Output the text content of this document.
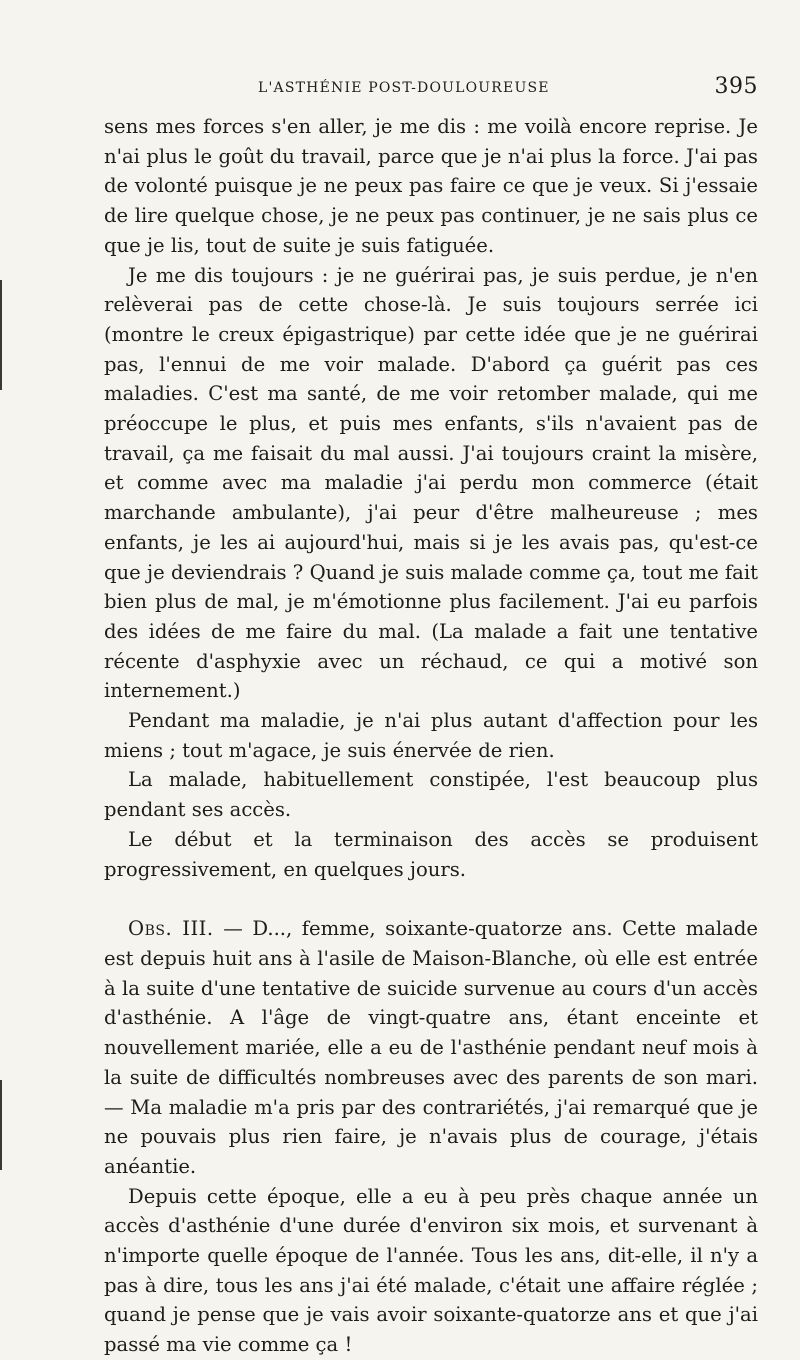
L'ASTHÉNIE POST-DOULOUREUSE	395

sens mes forces s'en aller, je me dis : me voilà encore reprise. Je n'ai plus le goût du travail, parce que je n'ai plus la force. J'ai pas de volonté puisque je ne peux pas faire ce que je veux. Si j'essaie de lire quelque chose, je ne peux pas continuer, je ne sais plus ce que je lis, tout de suite je suis fatiguée.

Je me dis toujours : je ne guérirai pas, je suis perdue, je n'en relèverai pas de cette chose-là. Je suis toujours serrée ici (montre le creux épigastrique) par cette idée que je ne guérirai pas, l'ennui de me voir malade. D'abord ça guérit pas ces maladies. C'est ma santé, de me voir retomber malade, qui me préoccupe le plus, et puis mes enfants, s'ils n'avaient pas de travail, ça me faisait du mal aussi. J'ai toujours craint la misère, et comme avec ma maladie j'ai perdu mon commerce (était marchande ambulante), j'ai peur d'être malheureuse ; mes enfants, je les ai aujourd'hui, mais si je les avais pas, qu'est-ce que je deviendrais ? Quand je suis malade comme ça, tout me fait bien plus de mal, je m'émotionne plus facilement. J'ai eu parfois des idées de me faire du mal. (La malade a fait une tentative récente d'asphyxie avec un réchaud, ce qui a motivé son internement.)

Pendant ma maladie, je n'ai plus autant d'affection pour les miens ; tout m'agace, je suis énervée de rien.

La malade, habituellement constipée, l'est beaucoup plus pendant ses accès.

Le début et la terminaison des accès se produisent progressivement, en quelques jours.

Obs. III. — D..., femme, soixante-quatorze ans. Cette malade est depuis huit ans à l'asile de Maison-Blanche, où elle est entrée à la suite d'une tentative de suicide survenue au cours d'un accès d'asthénie. A l'âge de vingt-quatre ans, étant enceinte et nouvellement mariée, elle a eu de l'asthénie pendant neuf mois à la suite de difficultés nombreuses avec des parents de son mari. — Ma maladie m'a pris par des contrariétés, j'ai remarqué que je ne pouvais plus rien faire, je n'avais plus de courage, j'étais anéantie.

Depuis cette époque, elle a eu à peu près chaque année un accès d'asthénie d'une durée d'environ six mois, et survenant à n'importe quelle époque de l'année. Tous les ans, dit-elle, il n'y a pas à dire, tous les ans j'ai été malade, c'était une affaire réglée ; quand je pense que je vais avoir soixante-quatorze ans et que j'ai passé ma vie comme ça !
